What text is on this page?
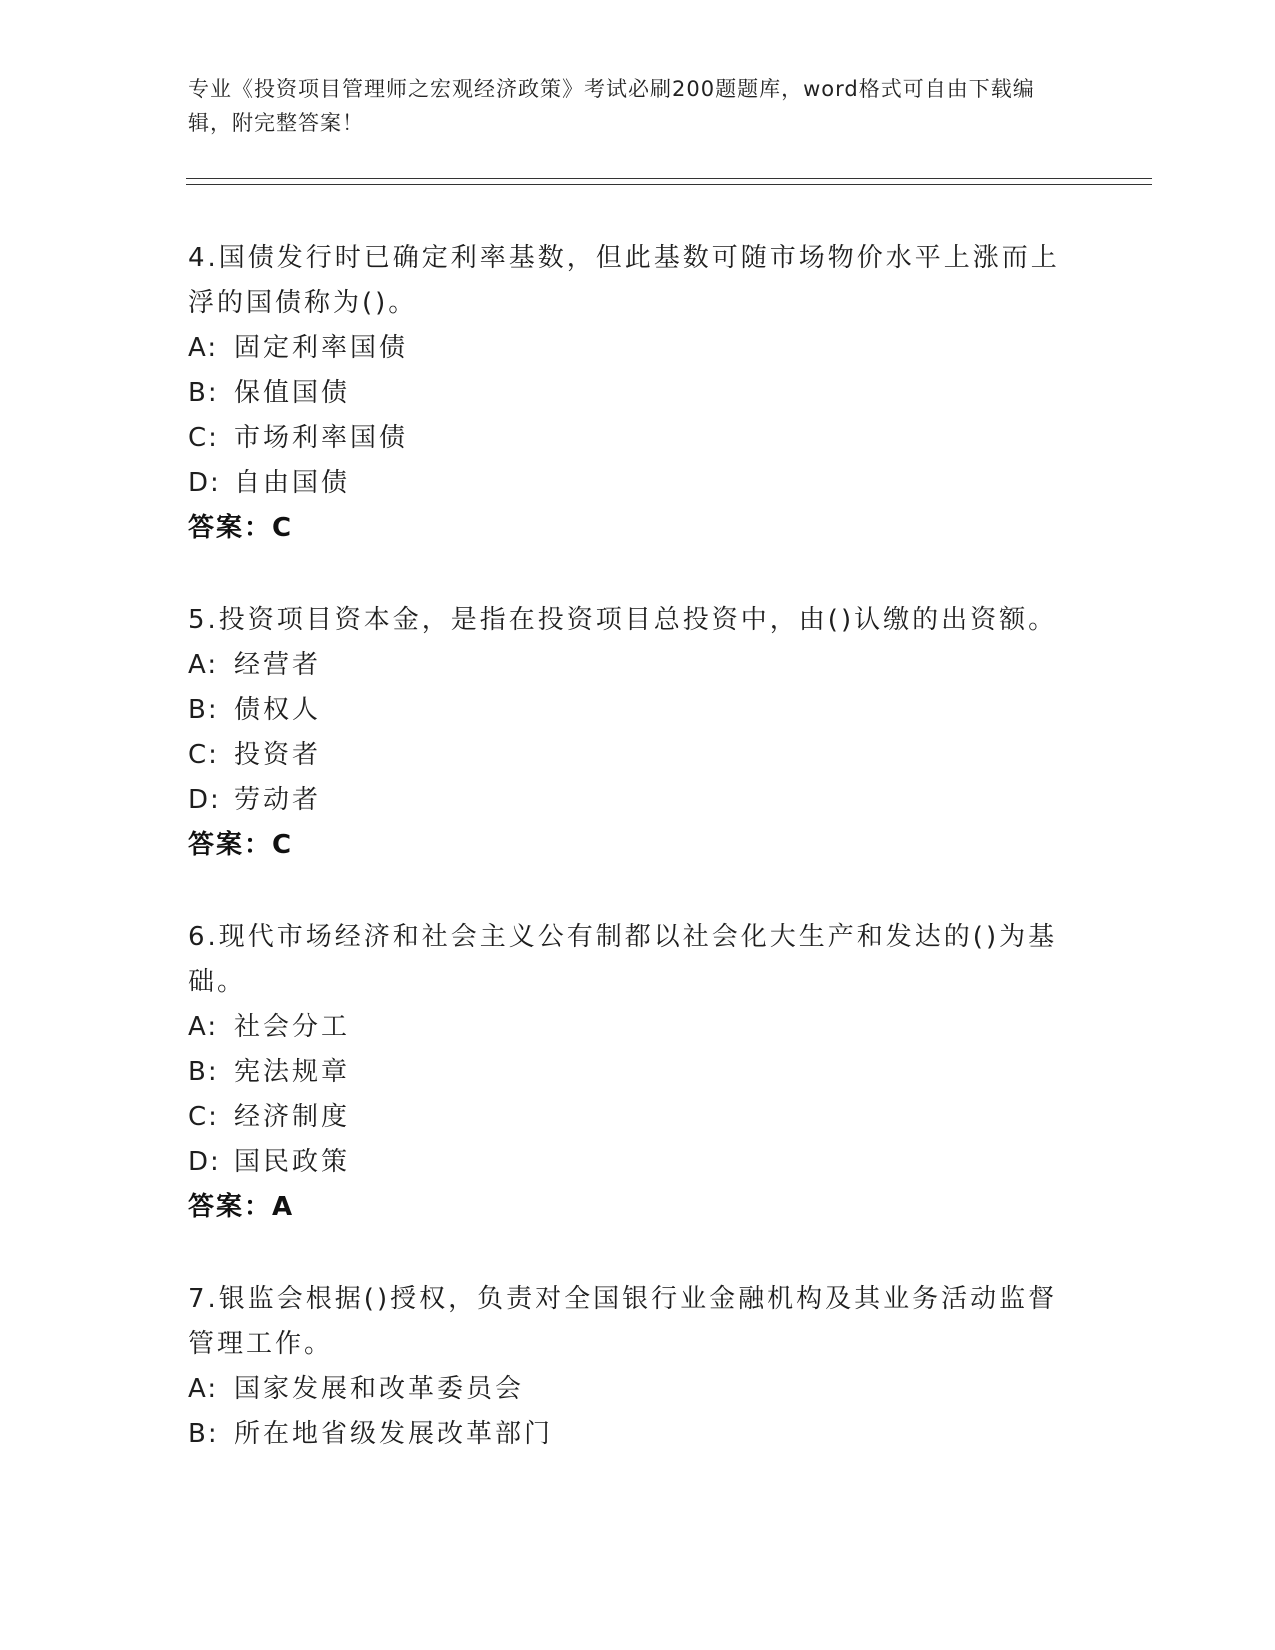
专业《投资项目管理师之宏观经济政策》考试必刷200题题库，word格式可自由下载编辑，附完整答案！

4.国债发行时已确定利率基数，但此基数可随市场物价水平上涨而上浮的国债称为()。

A: 固定利率国债

B: 保值国债

C: 市场利率国债

D: 自由国债

答案：C

5.投资项目资本金，是指在投资项目总投资中，由()认缴的出资额。

A: 经营者

B: 债权人

C: 投资者

D: 劳动者

答案：C

6.现代市场经济和社会主义公有制都以社会化大生产和发达的()为基础。

A: 社会分工

B: 宪法规章

C: 经济制度

D: 国民政策

答案：A

7.银监会根据()授权，负责对全国银行业金融机构及其业务活动监督管理工作。

A: 国家发展和改革委员会

B: 所在地省级发展改革部门
